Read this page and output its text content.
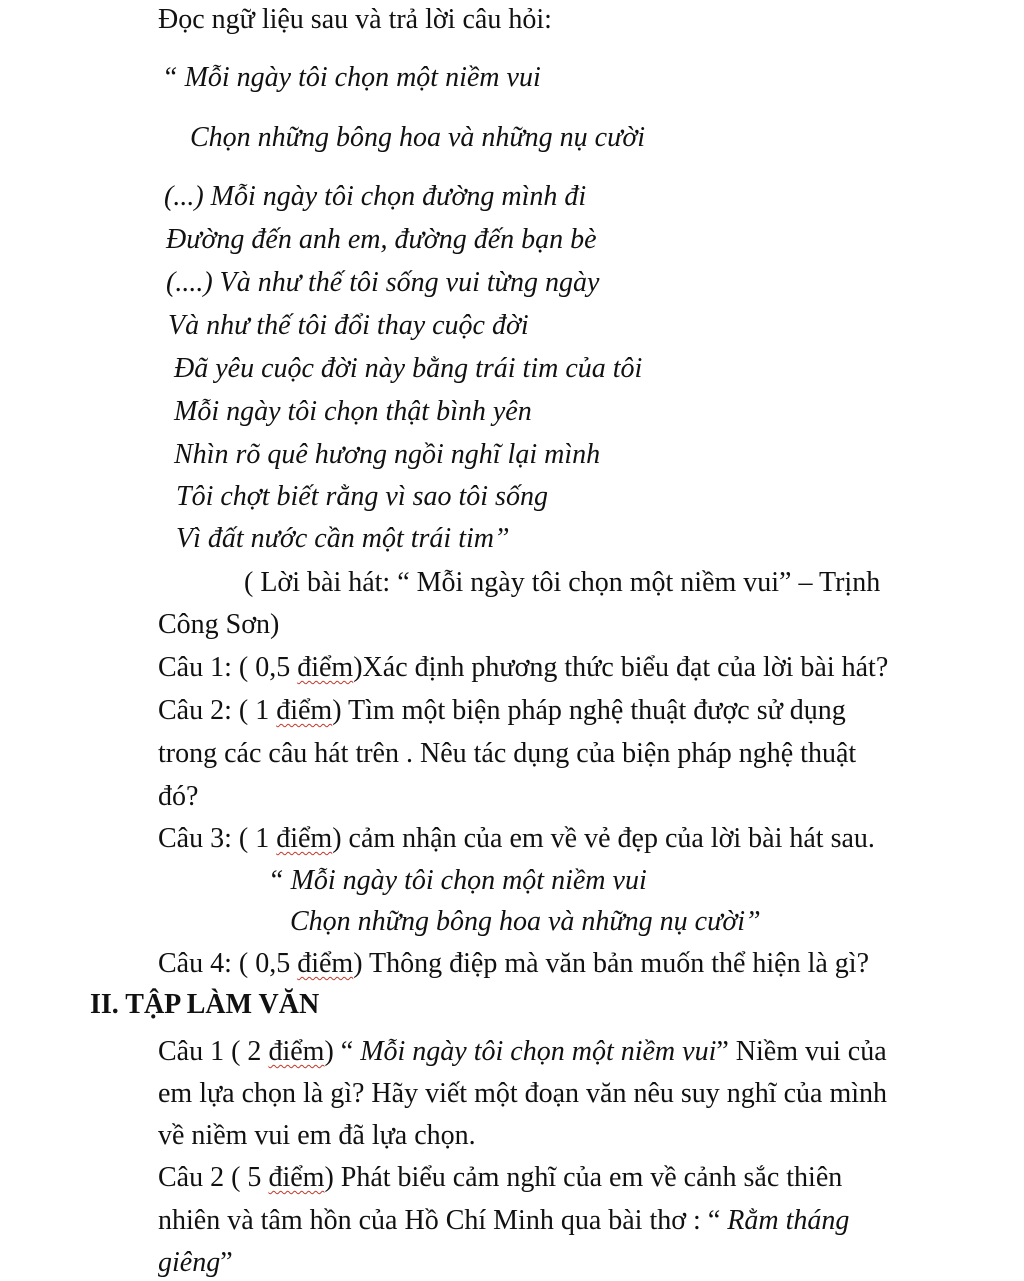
Đọc ngữ liệu sau và trả lời câu hỏi:
“ Mỗi ngày tôi chọn một niềm vui
Chọn những bông hoa và những nụ cười
(...) Mỗi ngày tôi chọn đường mình đi
Đường đến anh em, đường đến bạn bè
(....) Và như thế tôi sống vui từng ngày
Và như thế tôi đổi thay cuộc đời
Đã yêu cuộc đời này bằng trái tim của tôi
Mỗi ngày tôi chọn thật bình yên
Nhìn rõ quê hương ngồi nghĩ lại mình
Tôi chợt biết rằng vì sao tôi sống
Vì đất nước cần một trái tim”
( Lời bài hát: “ Mỗi ngày tôi chọn một niềm vui” – Trịnh
Công Sơn)
Câu 1: ( 0,5 điểm)Xác định phương thức biểu đạt của lời bài hát?
Câu 2: ( 1 điểm) Tìm một biện pháp nghệ thuật được sử dụng
trong các câu hát trên . Nêu tác dụng của biện pháp nghệ thuật
đó?
Câu 3: ( 1 điểm) cảm nhận của em về vẻ đẹp của lời bài hát sau.
“ Mỗi ngày tôi chọn một niềm vui
Chọn những bông hoa và những nụ cười”
Câu 4: ( 0,5 điểm) Thông điệp mà văn bản muốn thể hiện là gì?
II. TẬP LÀM VĂN
Câu 1 ( 2 điểm) “ Mỗi ngày tôi chọn một niềm vui” Niềm vui của
em lựa chọn là gì? Hãy viết một đoạn văn nêu suy nghĩ của mình
về niềm vui em đã lựa chọn.
Câu 2 ( 5 điểm) Phát biểu cảm nghĩ của em về cảnh sắc thiên
nhiên và tâm hồn của Hồ Chí Minh qua bài thơ : “ Rằm tháng
giêng”
